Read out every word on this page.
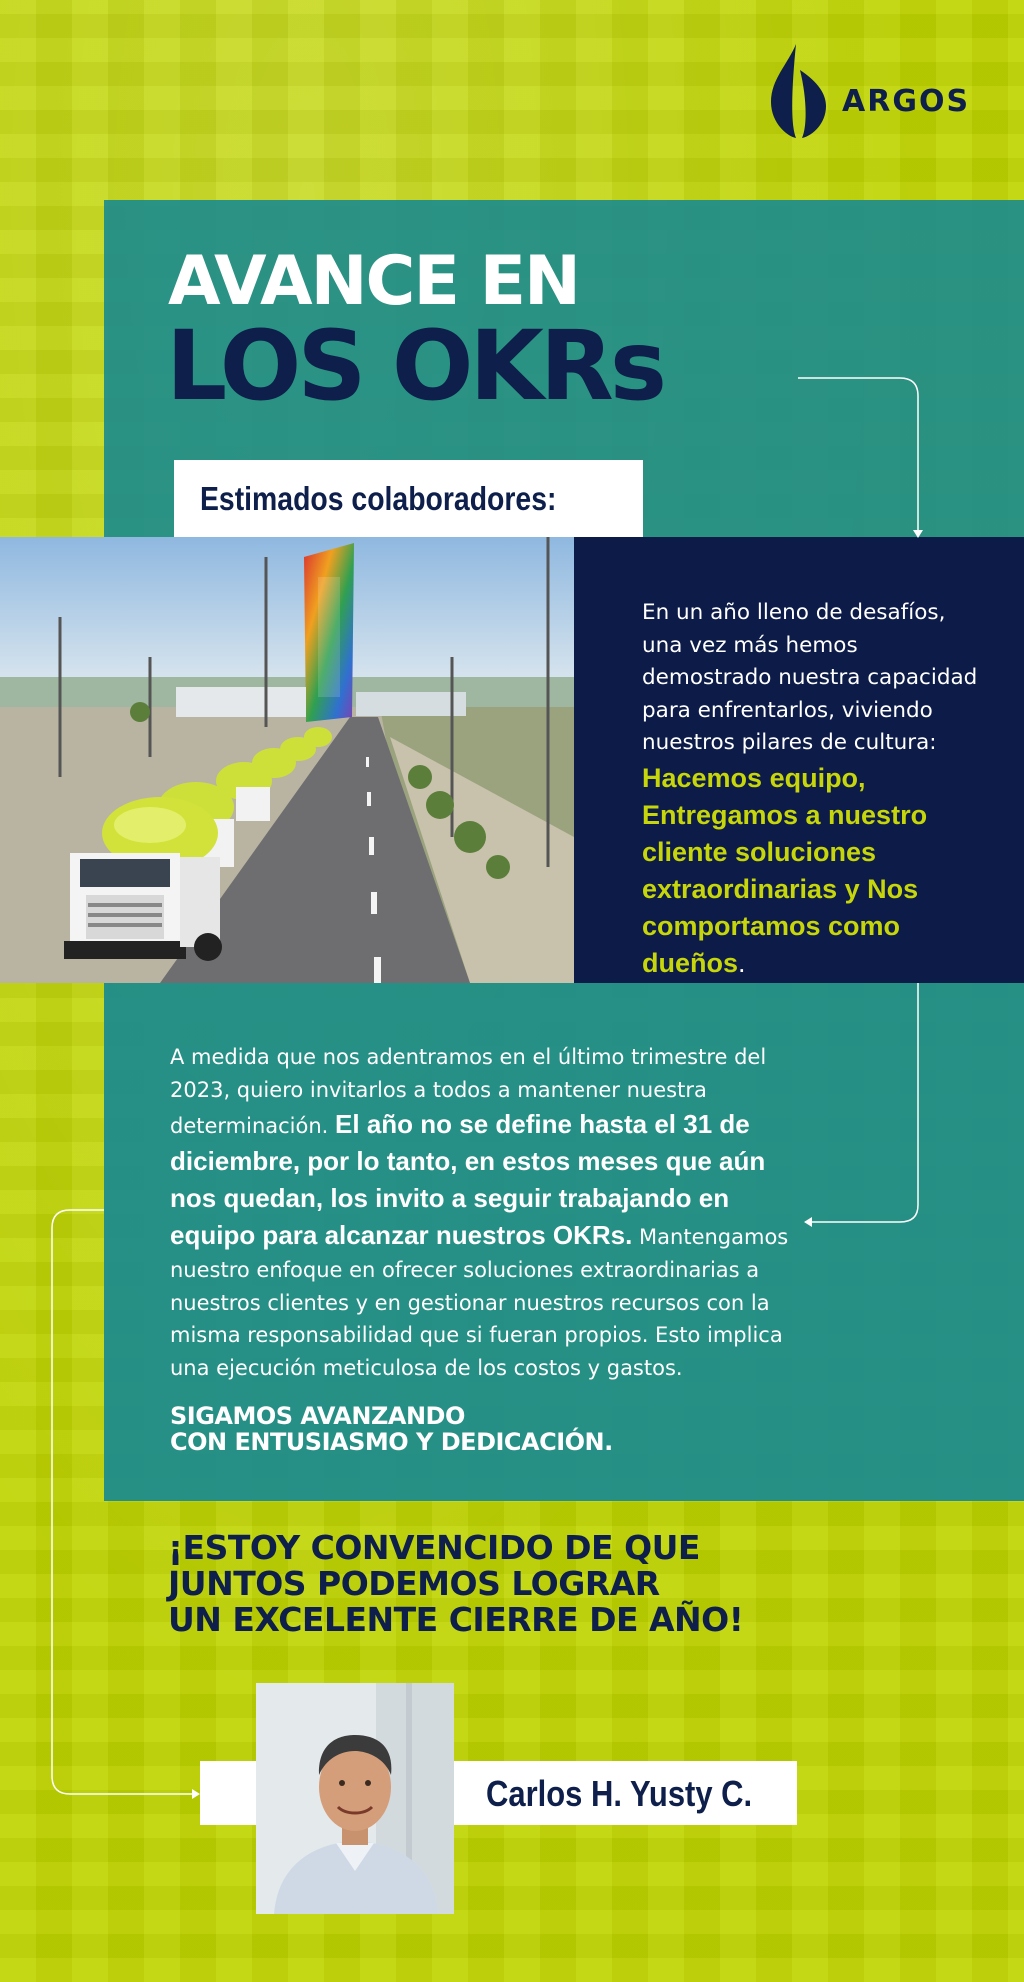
ARGOS
AVANCE EN
LOS OKRs
Estimados colaboradores:
En un año lleno de desafíos, una vez más hemos demostrado nuestra capacidad para enfrentarlos, viviendo nuestros pilares de cultura:
Hacemos equipo, Entregamos a nuestro cliente soluciones extraordinarias y Nos comportamos como dueños.
A medida que nos adentramos en el último trimestre del 2023, quiero invitarlos a todos a mantener nuestra determinación. El año no se define hasta el 31 de diciembre, por lo tanto, en estos meses que aún nos quedan, los invito a seguir trabajando en equipo para alcanzar nuestros OKRs. Mantengamos nuestro enfoque en ofrecer soluciones extraordinarias a nuestros clientes y en gestionar nuestros recursos con la misma responsabilidad que si fueran propios. Esto implica una ejecución meticulosa de los costos y gastos.
SIGAMOS AVANZANDO
CON ENTUSIASMO Y DEDICACIÓN.
¡ESTOY CONVENCIDO DE QUE
JUNTOS PODEMOS LOGRAR
UN EXCELENTE CIERRE DE AÑO!
Carlos H. Yusty C.
